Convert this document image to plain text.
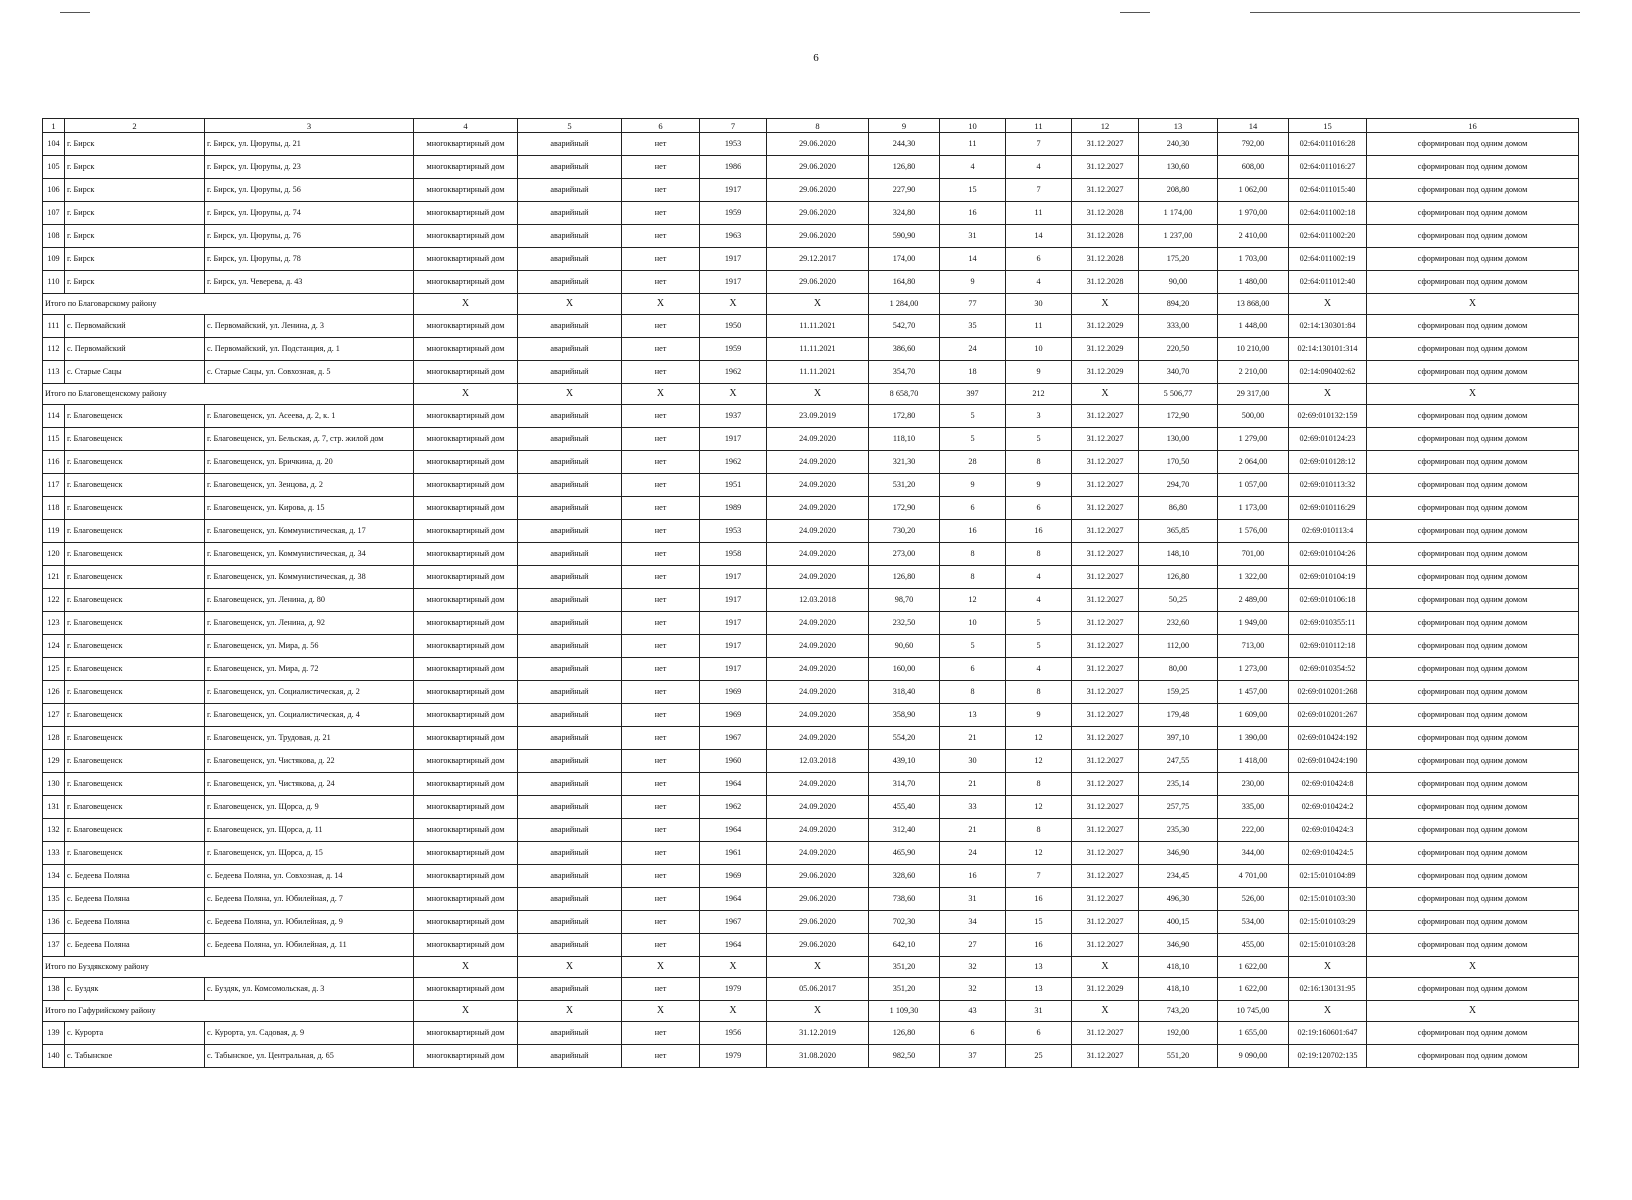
6
1	2	3	4	5	6	7	8	9	10	11	12	13	14	15	16
104	г. Бирск	г. Бирск, ул. Цюрупы, д. 21	многоквартирный дом	аварийный	нет	1953	29.06.2020	244,30	11	7	31.12.2027	240,30	792,00	02:64:011016:28	сформирован под одним домом
105	г. Бирск	г. Бирск, ул. Цюрупы, д. 23	многоквартирный дом	аварийный	нет	1986	29.06.2020	126,80	4	4	31.12.2027	130,60	608,00	02:64:011016:27	сформирован под одним домом
106	г. Бирск	г. Бирск, ул. Цюрупы, д. 56	многоквартирный дом	аварийный	нет	1917	29.06.2020	227,90	15	7	31.12.2027	208,80	1 062,00	02:64:011015:40	сформирован под одним домом
107	г. Бирск	г. Бирск, ул. Цюрупы, д. 74	многоквартирный дом	аварийный	нет	1959	29.06.2020	324,80	16	11	31.12.2028	1 174,00	1 970,00	02:64:011002:18	сформирован под одним домом
108	г. Бирск	г. Бирск, ул. Цюрупы, д. 76	многоквартирный дом	аварийный	нет	1963	29.06.2020	590,90	31	14	31.12.2028	1 237,00	2 410,00	02:64:011002:20	сформирован под одним домом
109	г. Бирск	г. Бирск, ул. Цюрупы, д. 78	многоквартирный дом	аварийный	нет	1917	29.12.2017	174,00	14	6	31.12.2028	175,20	1 703,00	02:64:011002:19	сформирован под одним домом
110	г. Бирск	г. Бирск, ул. Чеверева, д. 43	многоквартирный дом	аварийный	нет	1917	29.06.2020	164,80	9	4	31.12.2028	90,00	1 480,00	02:64:011012:40	сформирован под одним домом
Итого по Благоварскому району			X	X	X	X	X	1 284,00	77	30	X	894,20	13 868,00	X	X
111	с. Первомайский	с. Первомайский, ул. Ленина, д. 3	многоквартирный дом	аварийный	нет	1950	11.11.2021	542,70	35	11	31.12.2029	333,00	1 448,00	02:14:130301:84	сформирован под одним домом
112	с. Первомайский	с. Первомайский, ул. Подстанция, д. 1	многоквартирный дом	аварийный	нет	1959	11.11.2021	386,60	24	10	31.12.2029	220,50	10 210,00	02:14:130101:314	сформирован под одним домом
113	с. Старые Сацы	с. Старые Сацы, ул. Совхозная, д. 5	многоквартирный дом	аварийный	нет	1962	11.11.2021	354,70	18	9	31.12.2029	340,70	2 210,00	02:14:090402:62	сформирован под одним домом
Итого по Благовещенскому району			X	X	X	X	X	8 658,70	397	212	X	5 506,77	29 317,00	X	X
114	г. Благовещенск	г. Благовещенск, ул. Асеева, д. 2, к. 1	многоквартирный дом	аварийный	нет	1937	23.09.2019	172,80	5	3	31.12.2027	172,90	500,00	02:69:010132:159	сформирован под одним домом
115	г. Благовещенск	г. Благовещенск, ул. Бельская, д. 7, стр. жилой дом	многоквартирный дом	аварийный	нет	1917	24.09.2020	118,10	5	5	31.12.2027	130,00	1 279,00	02:69:010124:23	сформирован под одним домом
116	г. Благовещенск	г. Благовещенск, ул. Бричкина, д. 20	многоквартирный дом	аварийный	нет	1962	24.09.2020	321,30	28	8	31.12.2027	170,50	2 064,00	02:69:010128:12	сформирован под одним домом
117	г. Благовещенск	г. Благовещенск, ул. Зенцова, д. 2	многоквартирный дом	аварийный	нет	1951	24.09.2020	531,20	9	9	31.12.2027	294,70	1 057,00	02:69:010113:32	сформирован под одним домом
118	г. Благовещенск	г. Благовещенск, ул. Кирова, д. 15	многоквартирный дом	аварийный	нет	1989	24.09.2020	172,90	6	6	31.12.2027	86,80	1 173,00	02:69:010116:29	сформирован под одним домом
119	г. Благовещенск	г. Благовещенск, ул. Коммунистическая, д. 17	многоквартирный дом	аварийный	нет	1953	24.09.2020	730,20	16	16	31.12.2027	365,85	1 576,00	02:69:010113:4	сформирован под одним домом
120	г. Благовещенск	г. Благовещенск, ул. Коммунистическая, д. 34	многоквартирный дом	аварийный	нет	1958	24.09.2020	273,00	8	8	31.12.2027	148,10	701,00	02:69:010104:26	сформирован под одним домом
121	г. Благовещенск	г. Благовещенск, ул. Коммунистическая, д. 38	многоквартирный дом	аварийный	нет	1917	24.09.2020	126,80	8	4	31.12.2027	126,80	1 322,00	02:69:010104:19	сформирован под одним домом
122	г. Благовещенск	г. Благовещенск, ул. Ленина, д. 80	многоквартирный дом	аварийный	нет	1917	12.03.2018	98,70	12	4	31.12.2027	50,25	2 489,00	02:69:010106:18	сформирован под одним домом
123	г. Благовещенск	г. Благовещенск, ул. Ленина, д. 92	многоквартирный дом	аварийный	нет	1917	24.09.2020	232,50	10	5	31.12.2027	232,60	1 949,00	02:69:010355:11	сформирован под одним домом
124	г. Благовещенск	г. Благовещенск, ул. Мира, д. 56	многоквартирный дом	аварийный	нет	1917	24.09.2020	90,60	5	5	31.12.2027	112,00	713,00	02:69:010112:18	сформирован под одним домом
125	г. Благовещенск	г. Благовещенск, ул. Мира, д. 72	многоквартирный дом	аварийный	нет	1917	24.09.2020	160,00	6	4	31.12.2027	80,00	1 273,00	02:69:010354:52	сформирован под одним домом
126	г. Благовещенск	г. Благовещенск, ул. Социалистическая, д. 2	многоквартирный дом	аварийный	нет	1969	24.09.2020	318,40	8	8	31.12.2027	159,25	1 457,00	02:69:010201:268	сформирован под одним домом
127	г. Благовещенск	г. Благовещенск, ул. Социалистическая, д. 4	многоквартирный дом	аварийный	нет	1969	24.09.2020	358,90	13	9	31.12.2027	179,48	1 609,00	02:69:010201:267	сформирован под одним домом
128	г. Благовещенск	г. Благовещенск, ул. Трудовая, д. 21	многоквартирный дом	аварийный	нет	1967	24.09.2020	554,20	21	12	31.12.2027	397,10	1 390,00	02:69:010424:192	сформирован под одним домом
129	г. Благовещенск	г. Благовещенск, ул. Чистякова, д. 22	многоквартирный дом	аварийный	нет	1960	12.03.2018	439,10	30	12	31.12.2027	247,55	1 418,00	02:69:010424:190	сформирован под одним домом
130	г. Благовещенск	г. Благовещенск, ул. Чистякова, д. 24	многоквартирный дом	аварийный	нет	1964	24.09.2020	314,70	21	8	31.12.2027	235,14	230,00	02:69:010424:8	сформирован под одним домом
131	г. Благовещенск	г. Благовещенск, ул. Щорса, д. 9	многоквартирный дом	аварийный	нет	1962	24.09.2020	455,40	33	12	31.12.2027	257,75	335,00	02:69:010424:2	сформирован под одним домом
132	г. Благовещенск	г. Благовещенск, ул. Щорса, д. 11	многоквартирный дом	аварийный	нет	1964	24.09.2020	312,40	21	8	31.12.2027	235,30	222,00	02:69:010424:3	сформирован под одним домом
133	г. Благовещенск	г. Благовещенск, ул. Щорса, д. 15	многоквартирный дом	аварийный	нет	1961	24.09.2020	465,90	24	12	31.12.2027	346,90	344,00	02:69:010424:5	сформирован под одним домом
134	с. Бедеева Поляна	с. Бедеева Поляна, ул. Совхозная, д. 14	многоквартирный дом	аварийный	нет	1969	29.06.2020	328,60	16	7	31.12.2027	234,45	4 701,00	02:15:010104:89	сформирован под одним домом
135	с. Бедеева Поляна	с. Бедеева Поляна, ул. Юбилейная, д. 7	многоквартирный дом	аварийный	нет	1964	29.06.2020	738,60	31	16	31.12.2027	496,30	526,00	02:15:010103:30	сформирован под одним домом
136	с. Бедеева Поляна	с. Бедеева Поляна, ул. Юбилейная, д. 9	многоквартирный дом	аварийный	нет	1967	29.06.2020	702,30	34	15	31.12.2027	400,15	534,00	02:15:010103:29	сформирован под одним домом
137	с. Бедеева Поляна	с. Бедеева Поляна, ул. Юбилейная, д. 11	многоквартирный дом	аварийный	нет	1964	29.06.2020	642,10	27	16	31.12.2027	346,90	455,00	02:15:010103:28	сформирован под одним домом
Итого по Буздякскому району			X	X	X	X	X	351,20	32	13	X	418,10	1 622,00	X	X
138	с. Буздяк	с. Буздяк, ул. Комсомольская, д. 3	многоквартирный дом	аварийный	нет	1979	05.06.2017	351,20	32	13	31.12.2029	418,10	1 622,00	02:16:130131:95	сформирован под одним домом
Итого по Гафурийскому району			X	X	X	X	X	1 109,30	43	31	X	743,20	10 745,00	X	X
139	с. Курорта	с. Курорта, ул. Садовая, д. 9	многоквартирный дом	аварийный	нет	1956	31.12.2019	126,80	6	6	31.12.2027	192,00	1 655,00	02:19:160601:647	сформирован под одним домом
140	с. Табынское	с. Табынское, ул. Центральная, д. 65	многоквартирный дом	аварийный	нет	1979	31.08.2020	982,50	37	25	31.12.2027	551,20	9 090,00	02:19:120702:135	сформирован под одним домом
